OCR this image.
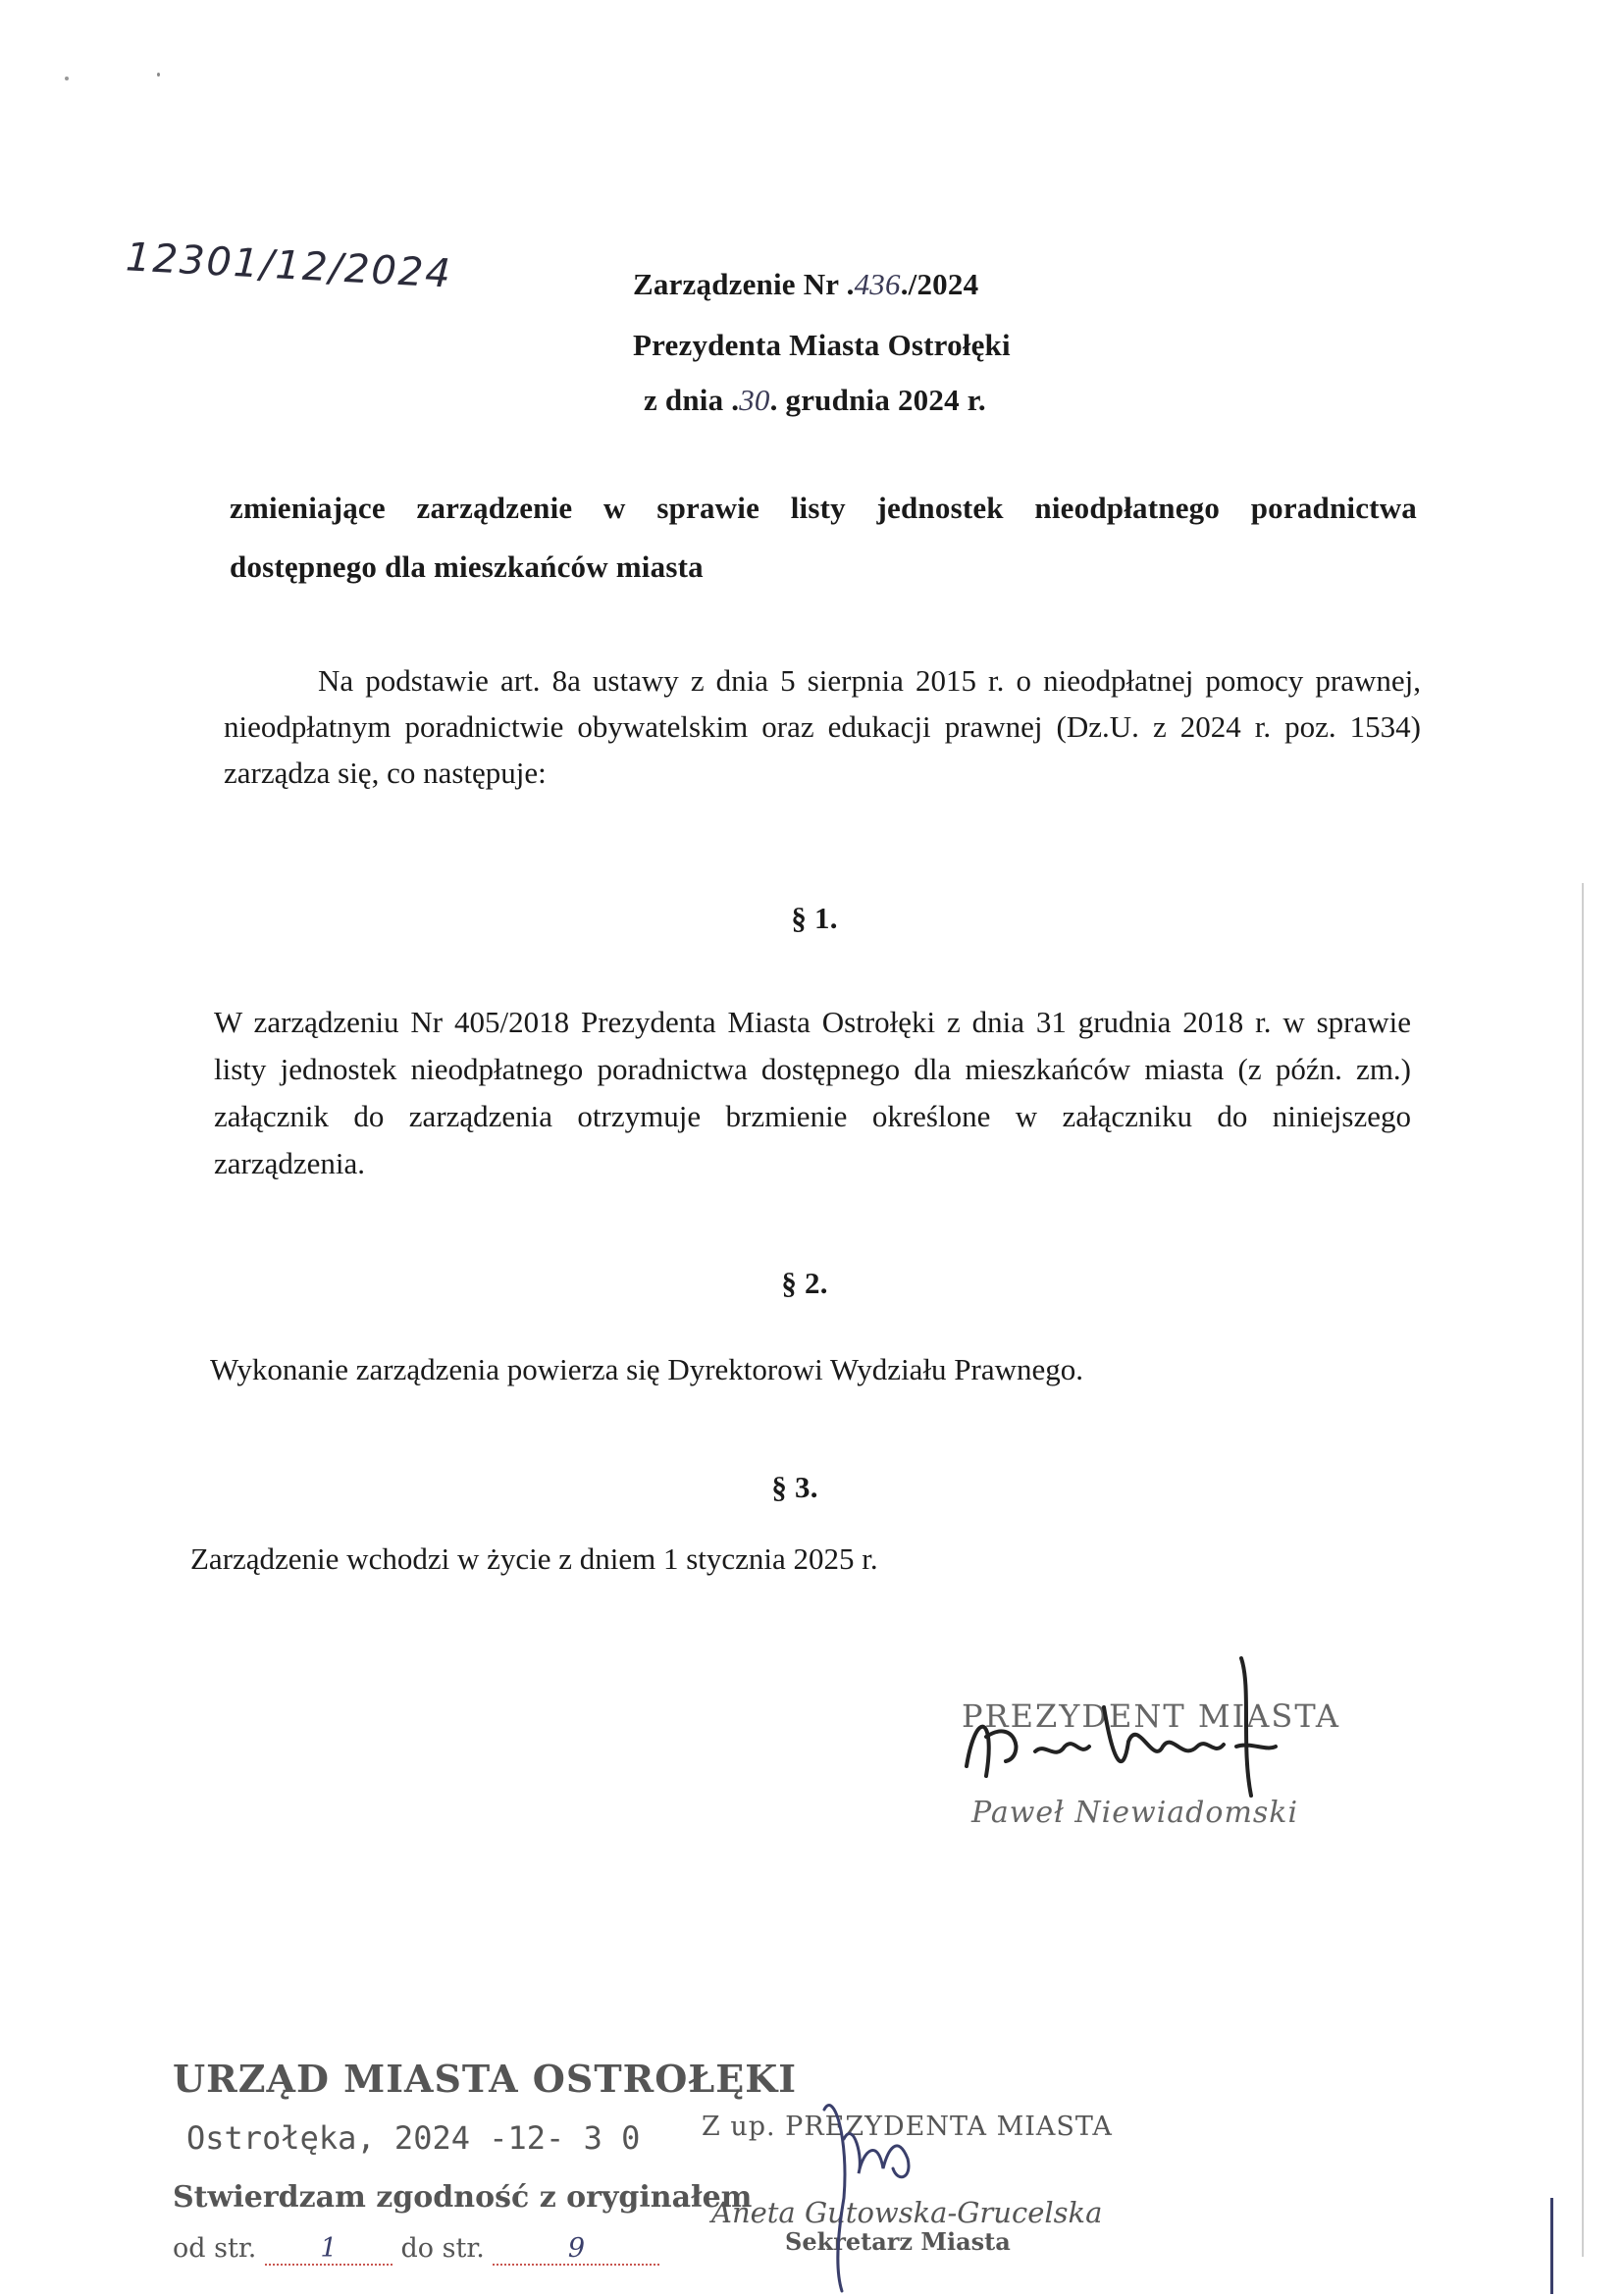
12301/12/2024	Zarządzenie Nr .436./2024
Prezydenta Miasta Ostrołęki
z dnia .30. grudnia 2024 r.
zmieniające zarządzenie w sprawie listy jednostek nieodpłatnego poradnictwa
dostępnego dla mieszkańców miasta
Na podstawie art. 8a ustawy z dnia 5 sierpnia 2015 r. o nieodpłatnej pomocy prawnej, nieodpłatnym poradnictwie obywatelskim oraz edukacji prawnej (Dz.U. z 2024 r. poz. 1534) zarządza się, co następuje:
§ 1.
W zarządzeniu Nr 405/2018 Prezydenta Miasta Ostrołęki z dnia 31 grudnia 2018 r. w sprawie listy jednostek nieodpłatnego poradnictwa dostępnego dla mieszkańców miasta (z późn. zm.) załącznik do zarządzenia otrzymuje brzmienie określone w załączniku do niniejszego zarządzenia.
§ 2.
Wykonanie zarządzenia powierza się Dyrektorowi Wydziału Prawnego.
§ 3.
Zarządzenie wchodzi w życie z dniem 1 stycznia 2025 r.
PREZYDENT MIASTA
Paweł Niewiadomski
URZĄD MIASTA OSTROŁĘKI
Ostrołęka, 2024 -12- 3 0
Stwierdzam zgodność z oryginałem
od str. 1 do str.	9
Z up. PREZYDENTA MIASTA
Aneta Gutowska-Grucelska
Sekretarz Miasta
